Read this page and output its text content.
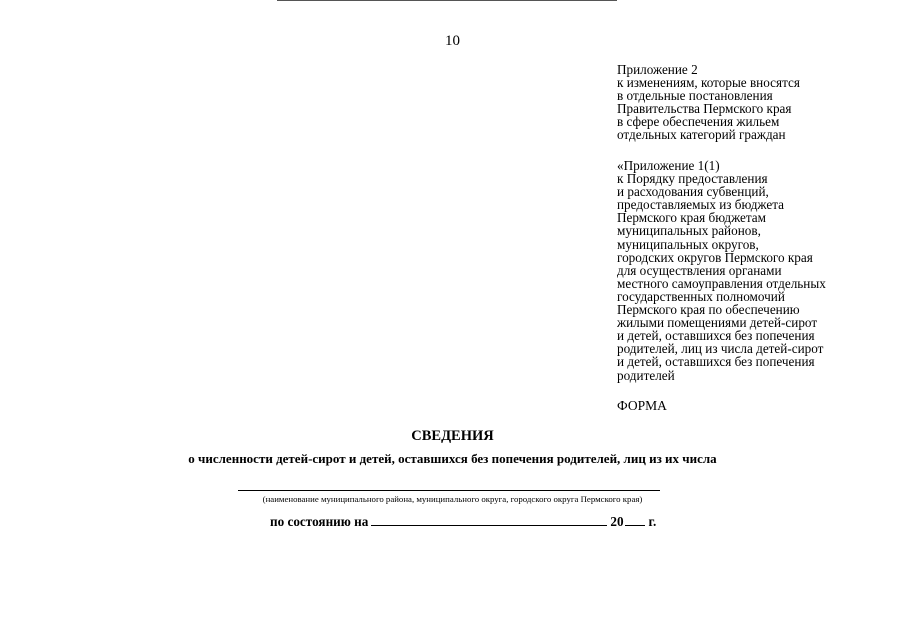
10
Приложение 2
к изменениям, которые вносятся
в отдельные постановления
Правительства Пермского края
в сфере обеспечения жильем
отдельных категорий граждан
«Приложение 1(1)
к Порядку предоставления
и расходования субвенций,
предоставляемых из бюджета
Пермского края бюджетам
муниципальных районов,
муниципальных округов,
городских округов Пермского края
для осуществления органами
местного самоуправления отдельных
государственных полномочий
Пермского края по обеспечению
жилыми помещениями детей-сирот
и детей, оставшихся без попечения
родителей, лиц из числа детей-сирот
и детей, оставшихся без попечения
родителей
ФОРМА
СВЕДЕНИЯ
о численности детей-сирот и детей, оставшихся без попечения родителей, лиц из их числа
(наименование муниципального района, муниципального округа, городского округа Пермского края)
по состоянию на	20 г.
